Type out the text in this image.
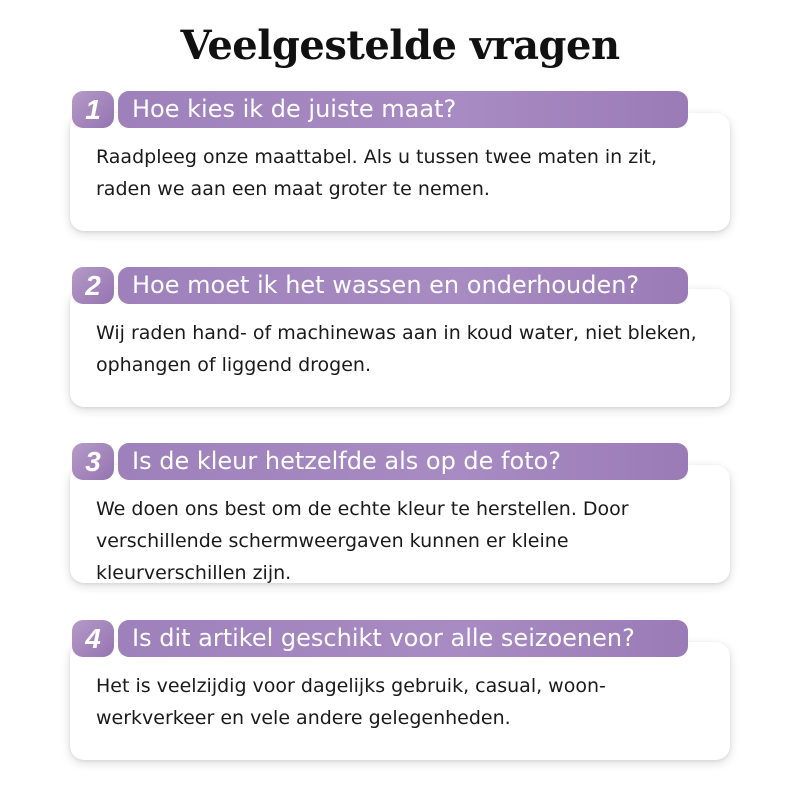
Veelgestelde vragen
1	Hoe kies ik de juiste maat?
Raadpleeg onze maattabel. Als u tussen twee maten in zit, raden we aan een maat groter te nemen.
2	Hoe moet ik het wassen en onderhouden?
Wij raden hand- of machinewas aan in koud water, niet bleken, ophangen of liggend drogen.
3	Is de kleur hetzelfde als op de foto?
We doen ons best om de echte kleur te herstellen. Door verschillende schermweergaven kunnen er kleine kleurverschillen zijn.
4	Is dit artikel geschikt voor alle seizoenen?
Het is veelzijdig voor dagelijks gebruik, casual, woon-werkverkeer en vele andere gelegenheden.
